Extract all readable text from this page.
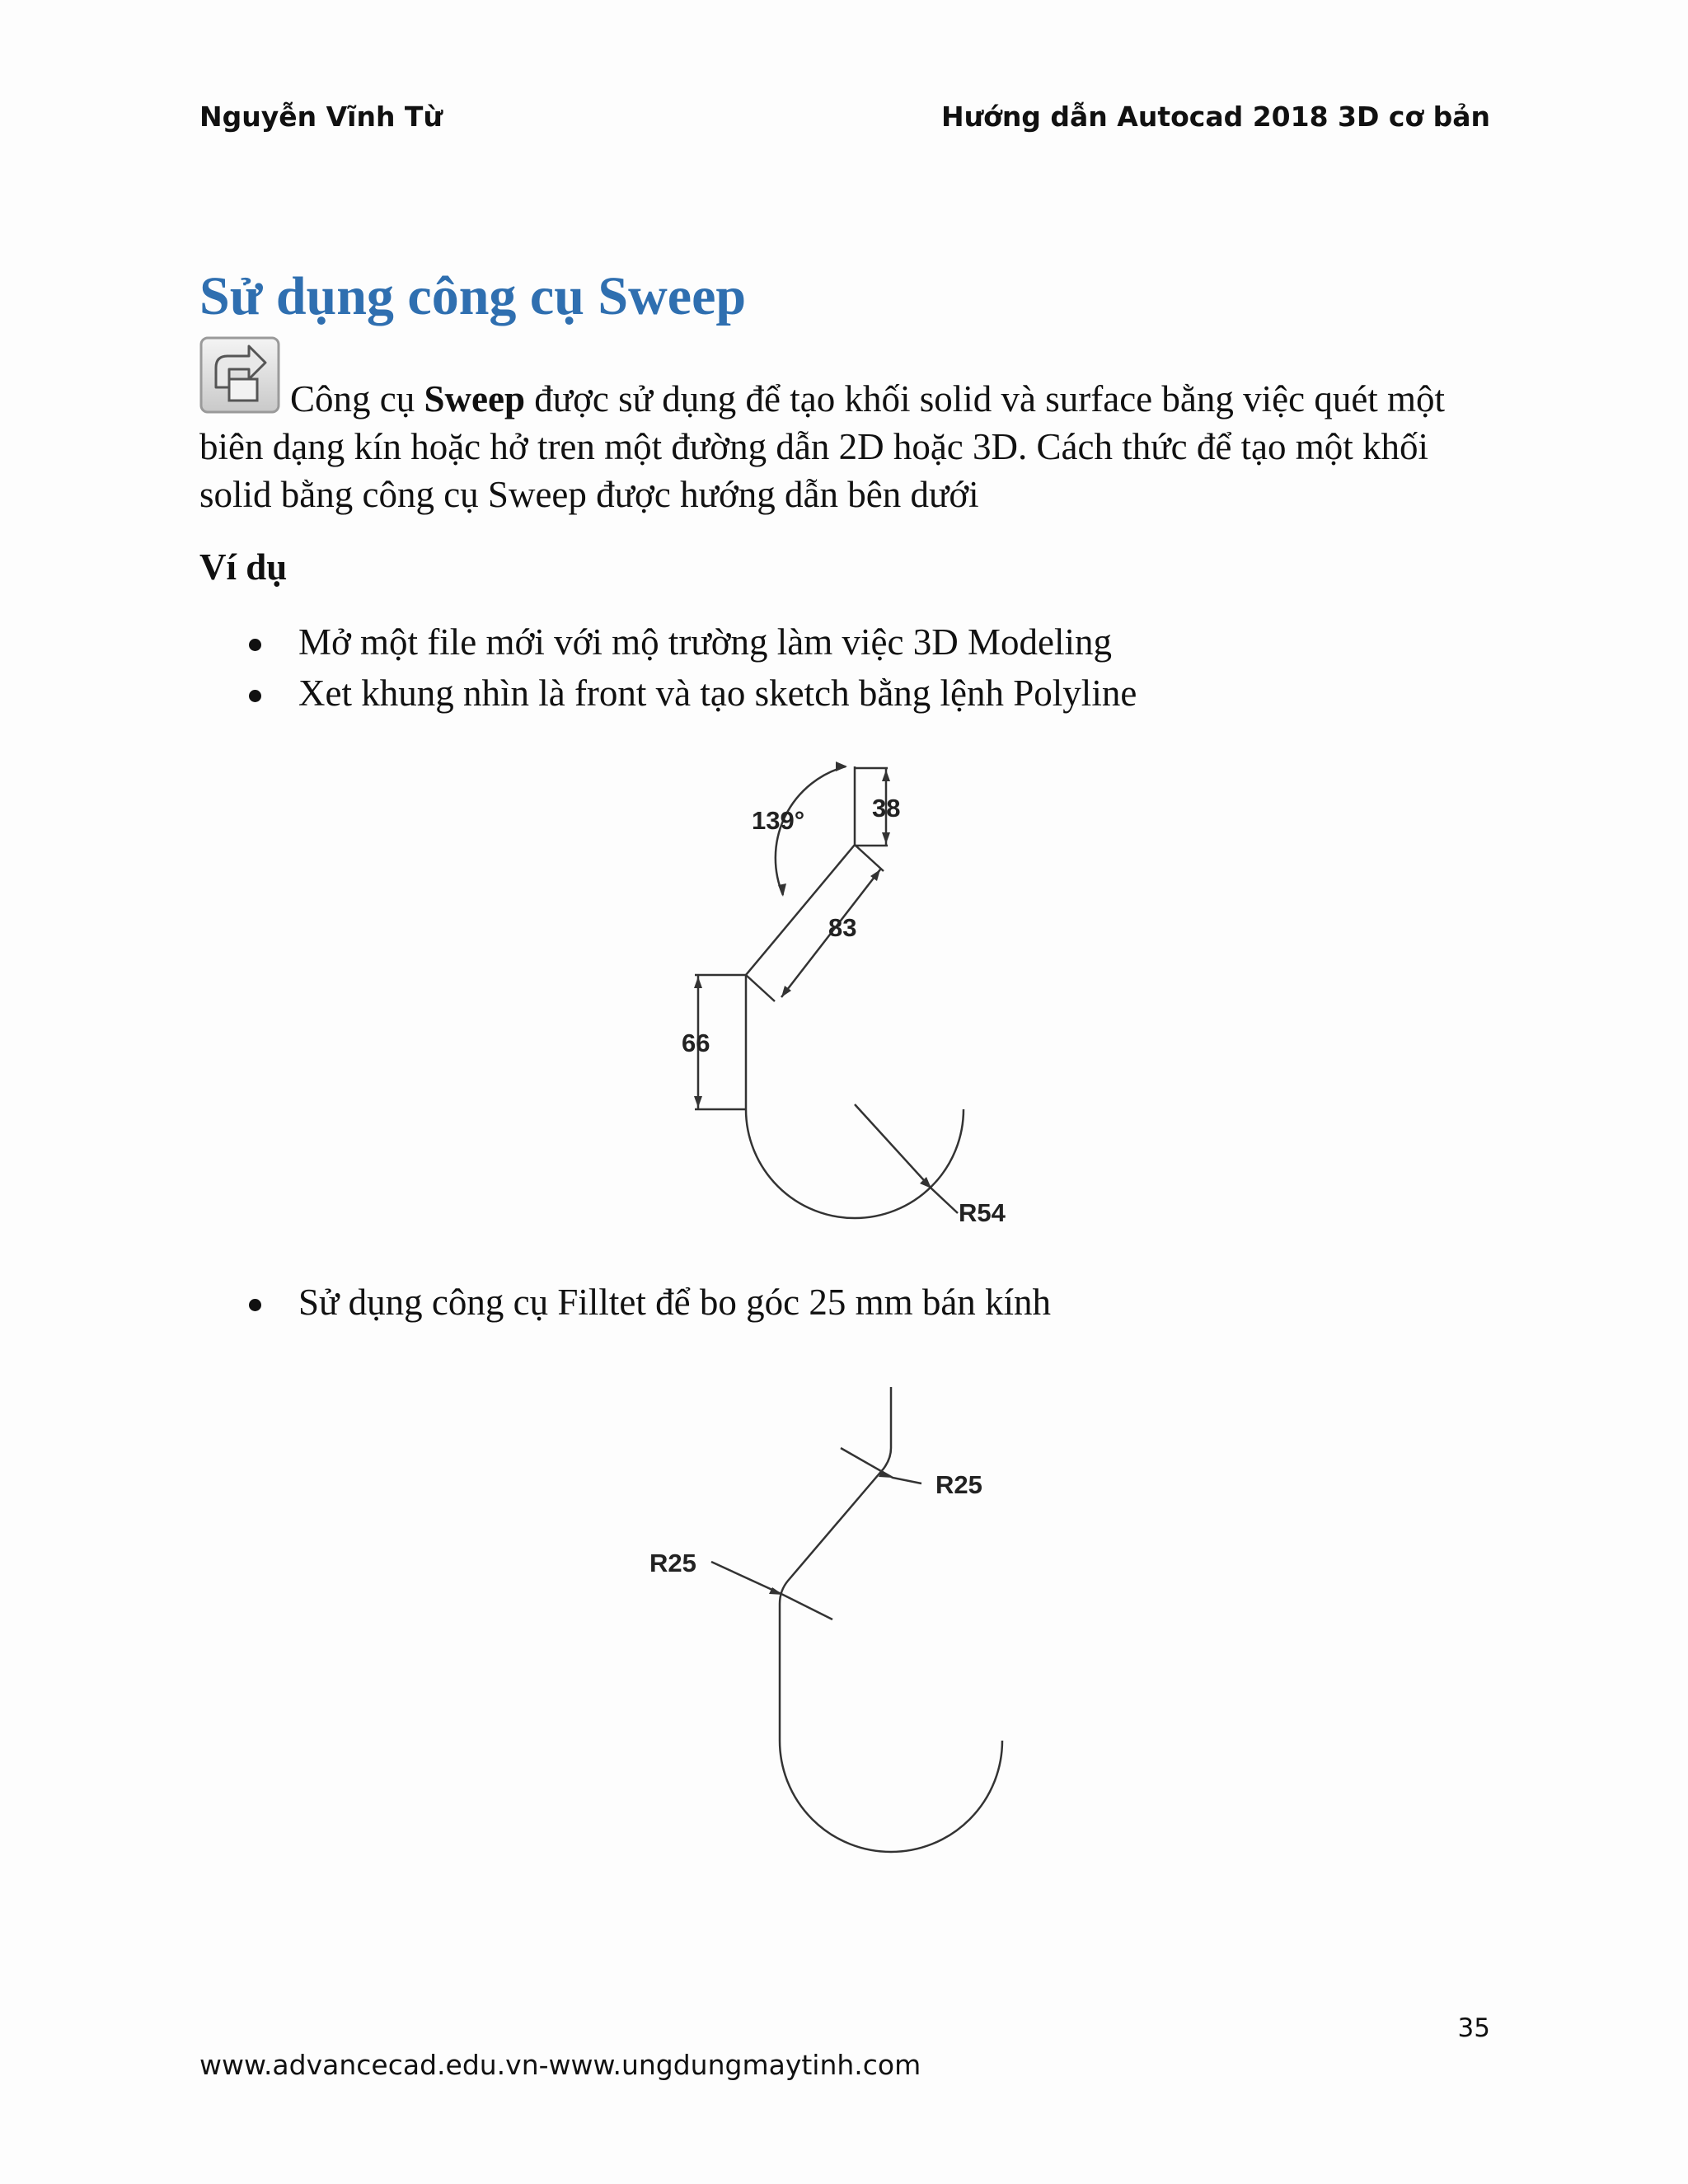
Nguyễn Vĩnh Từ	Hướng dẫn Autocad 2018 3D cơ bản
Sử dụng công cụ Sweep

Công cụ Sweep được sử dụng để tạo khối solid và surface bằng việc quét một biên dạng kín hoặc hở tren một đường dẫn 2D hoặc 3D. Cách thức để tạo một khối solid bằng công cụ Sweep được hướng dẫn bên dưới

Ví dụ

Mở một file mới với mộ trường làm việc 3D Modeling
Xet khung nhìn là front và tạo sketch bằng lệnh Polyline
139°	38
83
66
R54
Sử dụng công cụ Filltet để bo góc 25 mm bán kính
R25
R25
35
www.advancecad.edu.vn-www.ungdungmaytinh.com
